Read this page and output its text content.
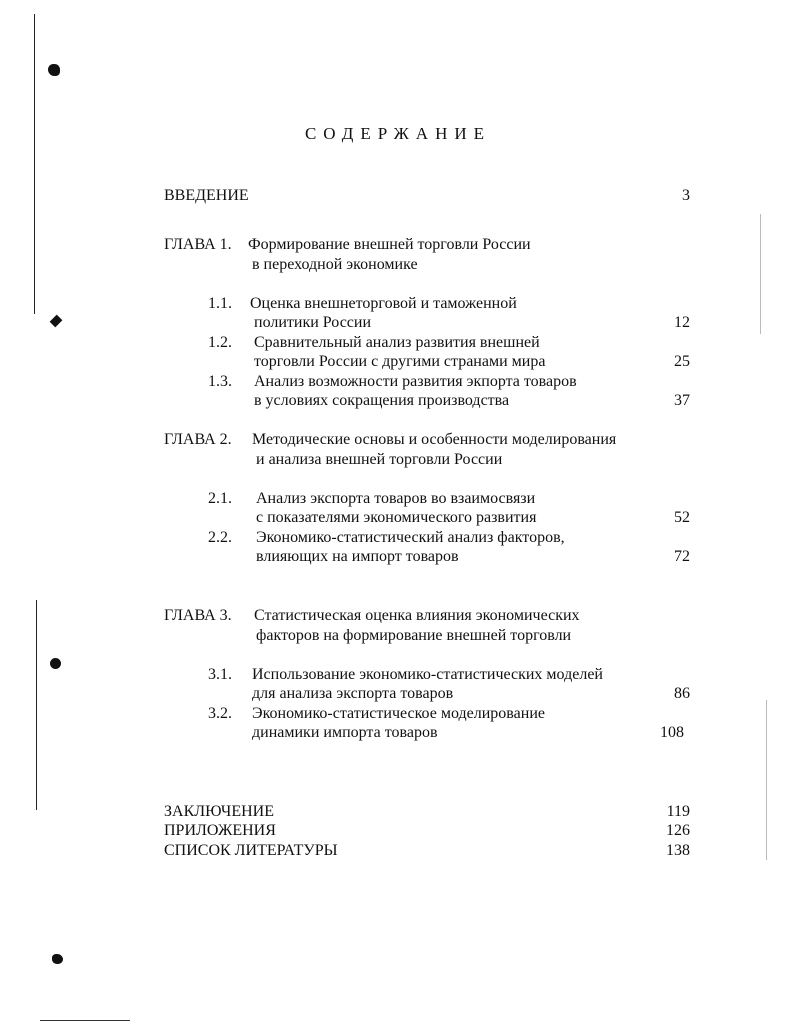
СОДЕРЖАНИЕ
ВВЕДЕНИЕ	3
ГЛАВА 1. Формирование внешней торговли России
в переходной экономике
1.1. Оценка внешнеторговой и таможенной
политики России	12
1.2. Сравнительный анализ развития внешней
торговли России с другими странами мира	25
1.3. Анализ возможности развития экпорта товаров
в условиях сокращения производства	37
ГЛАВА 2. Методические основы и особенности моделирования
и анализа внешней торговли России
2.1. Анализ экспорта товаров во взаимосвязи
с показателями экономического развития	52
2.2. Экономико-статистический анализ факторов,
влияющих на импорт товаров	72
ГЛАВА 3. Статистическая оценка влияния экономических
факторов на формирование внешней торговли
3.1. Использование экономико-статистических моделей
для анализа экспорта товаров	86
3.2. Экономико-статистическое моделирование
динамики импорта товаров	108
ЗАКЛЮЧЕНИЕ	119
ПРИЛОЖЕНИЯ	126
СПИСОК ЛИТЕРАТУРЫ	138
